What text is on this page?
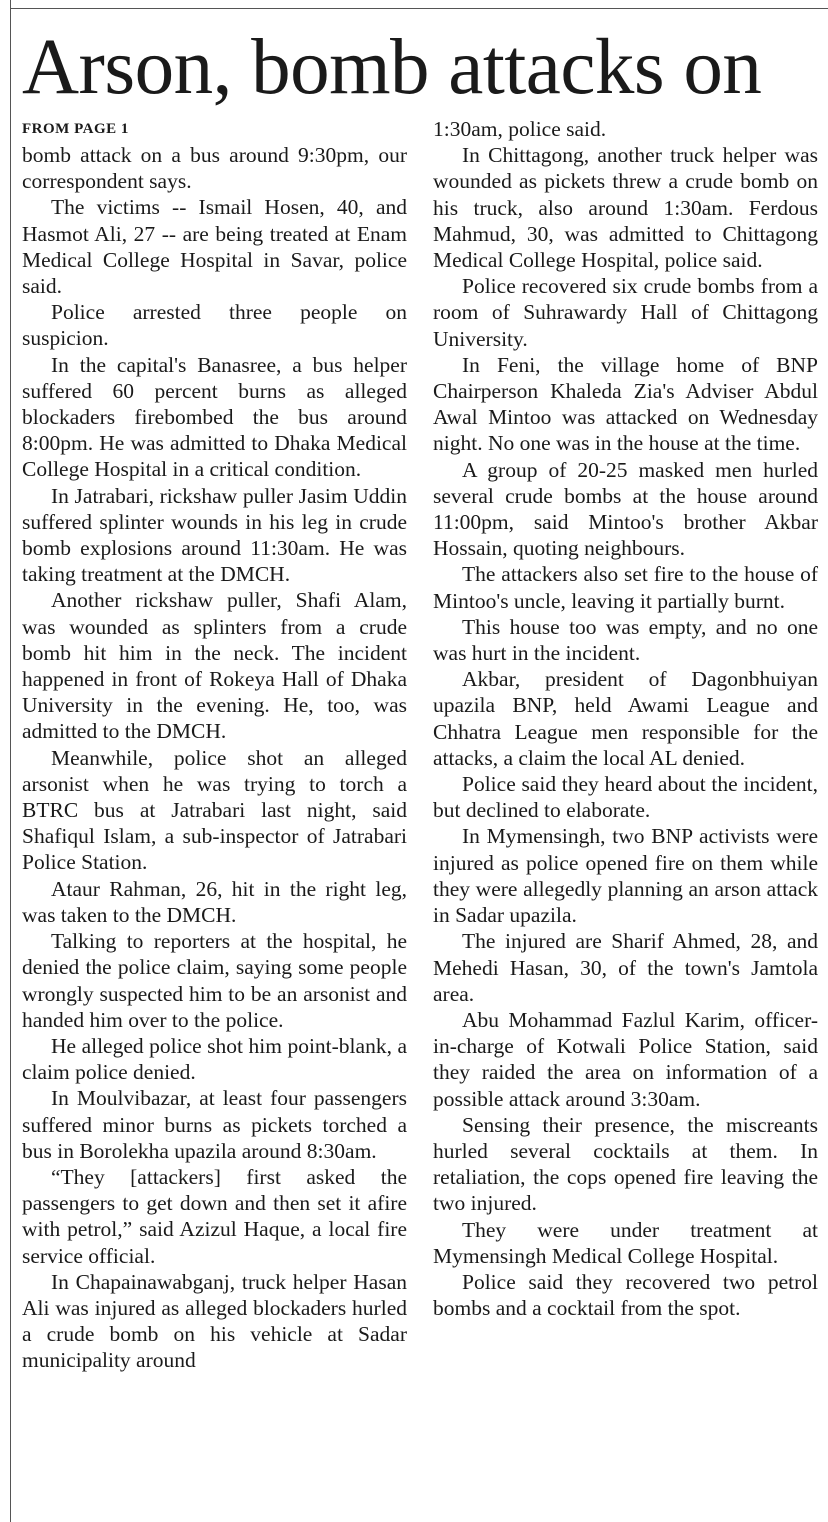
Arson, bomb attacks on
FROM PAGE 1

bomb attack on a bus around 9:30pm, our correspondent says.

The victims -- Ismail Hosen, 40, and Hasmot Ali, 27 -- are being treated at Enam Medical College Hospital in Savar, police said.

Police arrested three people on suspicion.

In the capital's Banasree, a bus helper suffered 60 percent burns as alleged blockaders firebombed the bus around 8:00pm. He was admitted to Dhaka Medical College Hospital in a critical condition.

In Jatrabari, rickshaw puller Jasim Uddin suffered splinter wounds in his leg in crude bomb explosions around 11:30am. He was taking treatment at the DMCH.

Another rickshaw puller, Shafi Alam, was wounded as splinters from a crude bomb hit him in the neck. The incident happened in front of Rokeya Hall of Dhaka University in the evening. He, too, was admitted to the DMCH.

Meanwhile, police shot an alleged arsonist when he was trying to torch a BTRC bus at Jatrabari last night, said Shafiqul Islam, a sub-inspector of Jatrabari Police Station.

Ataur Rahman, 26, hit in the right leg, was taken to the DMCH.

Talking to reporters at the hospital, he denied the police claim, saying some people wrongly suspected him to be an arsonist and handed him over to the police.

He alleged police shot him point-blank, a claim police denied.

In Moulvibazar, at least four passengers suffered minor burns as pickets torched a bus in Borolekha upazila around 8:30am.

“They [attackers] first asked the passengers to get down and then set it afire with petrol,” said Azizul Haque, a local fire service official.

In Chapainawabganj, truck helper Hasan Ali was injured as alleged blockaders hurled a crude bomb on his vehicle at Sadar municipality around

1:30am, police said.

In Chittagong, another truck helper was wounded as pickets threw a crude bomb on his truck, also around 1:30am. Ferdous Mahmud, 30, was admitted to Chittagong Medical College Hospital, police said.

Police recovered six crude bombs from a room of Suhrawardy Hall of Chittagong University.

In Feni, the village home of BNP Chairperson Khaleda Zia's Adviser Abdul Awal Mintoo was attacked on Wednesday night. No one was in the house at the time.

A group of 20-25 masked men hurled several crude bombs at the house around 11:00pm, said Mintoo's brother Akbar Hossain, quoting neighbours.

The attackers also set fire to the house of Mintoo's uncle, leaving it partially burnt.

This house too was empty, and no one was hurt in the incident.

Akbar, president of Dagonbhuiyan upazila BNP, held Awami League and Chhatra League men responsible for the attacks, a claim the local AL denied.

Police said they heard about the incident, but declined to elaborate.

In Mymensingh, two BNP activists were injured as police opened fire on them while they were allegedly planning an arson attack in Sadar upazila.

The injured are Sharif Ahmed, 28, and Mehedi Hasan, 30, of the town's Jamtola area.

Abu Mohammad Fazlul Karim, officer-in-charge of Kotwali Police Station, said they raided the area on information of a possible attack around 3:30am.

Sensing their presence, the miscreants hurled several cocktails at them. In retaliation, the cops opened fire leaving the two injured.

They were under treatment at Mymensingh Medical College Hospital.

Police said they recovered two petrol bombs and a cocktail from the spot.
